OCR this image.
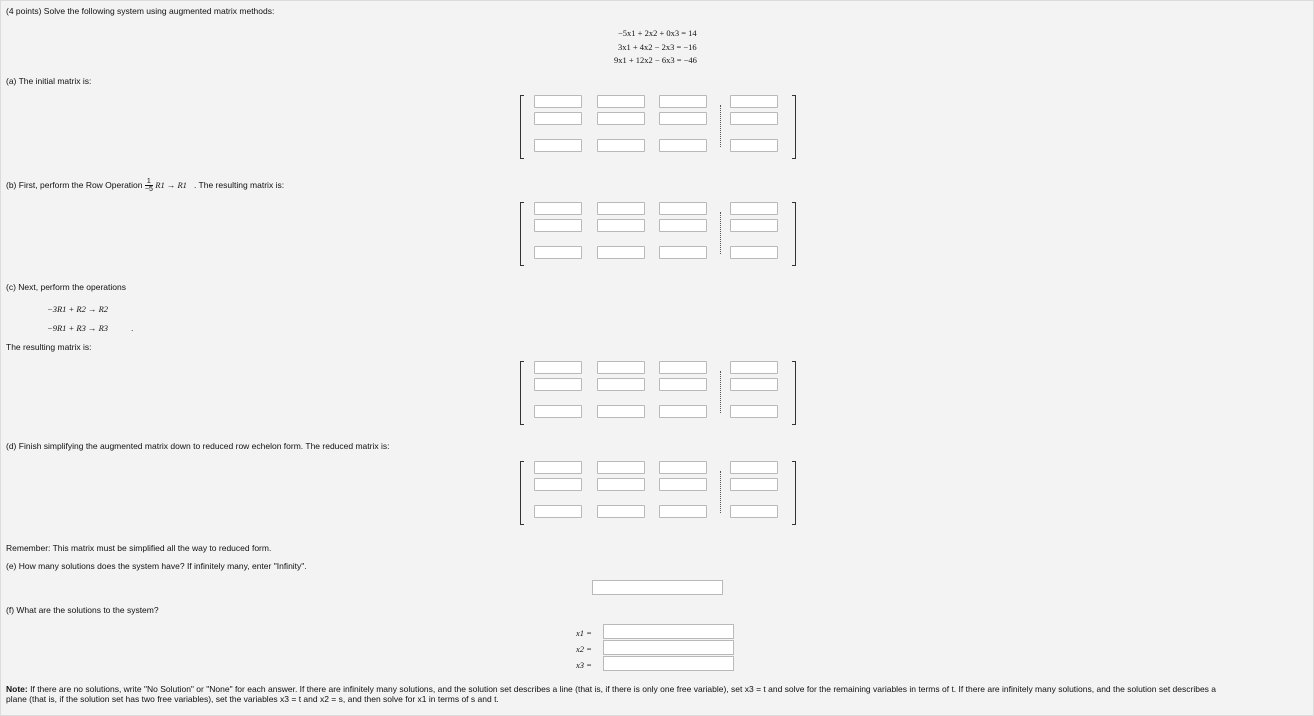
(4 points) Solve the following system using augmented matrix methods:
−5x1 + 2x2 + 0x3 = 14
3x1 + 4x2 − 2x3 = −16
9x1 + 12x2 − 6x3 = −46
(a) The initial matrix is:
(b) First, perform the Row Operation $\frac{1}{-5} R1 \to R1$ . The resulting matrix is:
(c) Next, perform the operations
−3R1 + R2 → R2
−9R1 + R3 → R3	.
The resulting matrix is:
(d) Finish simplifying the augmented matrix down to reduced row echelon form. The reduced matrix is:
Remember: This matrix must be simplified all the way to reduced form.
(e) How many solutions does the system have? If infinitely many, enter "Infinity".
(f) What are the solutions to the system?
x1 =
x2 =
x3 =
Note: If there are no solutions, write "No Solution" or "None" for each answer. If there are infinitely many solutions, and the solution set describes a line (that is, if there is only one free variable), set x3 = t and solve for the remaining variables in terms of t. If there are infinitely many solutions, and the solution set describes a
plane (that is, if the solution set has two free variables), set the variables x3 = t and x2 = s, and then solve for x1 in terms of s and t.
